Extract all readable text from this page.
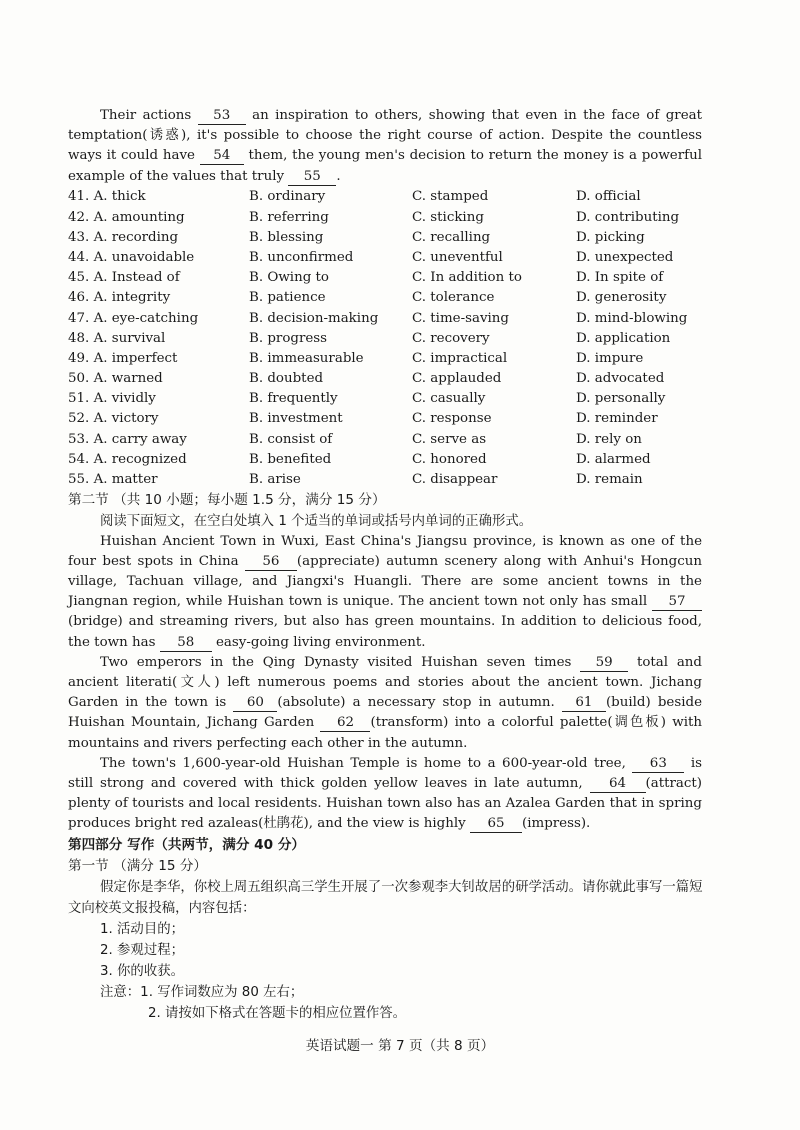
Their actions 53 an inspiration to others, showing that even in the face of great temptation(诱惑), it's possible to choose the right course of action. Despite the countless ways it could have 54 them, the young men's decision to return the money is a powerful example of the values that truly 55 .

41. A. thick	B. ordinary	C. stamped	D. official
42. A. amounting	B. referring	C. sticking	D. contributing
43. A. recording	B. blessing	C. recalling	D. picking
44. A. unavoidable	B. unconfirmed	C. uneventful	D. unexpected
45. A. Instead of	B. Owing to	C. In addition to	D. In spite of
46. A. integrity	B. patience	C. tolerance	D. generosity
47. A. eye-catching	B. decision-making	C. time-saving	D. mind-blowing
48. A. survival	B. progress	C. recovery	D. application
49. A. imperfect	B. immeasurable	C. impractical	D. impure
50. A. warned	B. doubted	C. applauded	D. advocated
51. A. vividly	B. frequently	C. casually	D. personally
52. A. victory	B. investment	C. response	D. reminder
53. A. carry away	B. consist of	C. serve as	D. rely on
54. A. recognized	B. benefited	C. honored	D. alarmed
55. A. matter	B. arise	C. disappear	D. remain

第二节 （共 10 小题；每小题 1.5 分，满分 15 分）

阅读下面短文，在空白处填入 1 个适当的单词或括号内单词的正确形式。

Huishan Ancient Town in Wuxi, East China's Jiangsu province, is known as one of the four best spots in China 56 (appreciate) autumn scenery along with Anhui's Hongcun village, Tachuan village, and Jiangxi's Huangli. There are some ancient towns in the Jiangnan region, while Huishan town is unique. The ancient town not only has small 57(bridge) and streaming rivers, but also has green mountains. In addition to delicious food, the town has 58 easy-going living environment.

Two emperors in the Qing Dynasty visited Huishan seven times 59 total and ancient literati(文人) left numerous poems and stories about the ancient town. Jichang Garden in the town is 60 (absolute) a necessary stop in autumn. 61 (build) beside Huishan Mountain, Jichang Garden 62 (transform) into a colorful palette(调色板) with mountains and rivers perfecting each other in the autumn.

The town's 1,600-year-old Huishan Temple is home to a 600-year-old tree, 63 is still strong and covered with thick golden yellow leaves in late autumn, 64 (attract) plenty of tourists and local residents. Huishan town also has an Azalea Garden that in spring produces bright red azaleas(杜鹃花), and the view is highly 65 (impress).

第四部分 写作（共两节，满分 40 分）

第一节 （满分 15 分）

假定你是李华，你校上周五组织高三学生开展了一次参观李大钊故居的研学活动。请你就此事写一篇短文向校英文报投稿，内容包括：

1. 活动目的；

2. 参观过程；

3. 你的收获。

注意：1. 写作词数应为 80 左右；

2. 请按如下格式在答题卡的相应位置作答。

英语试题一 第 7 页（共 8 页）
